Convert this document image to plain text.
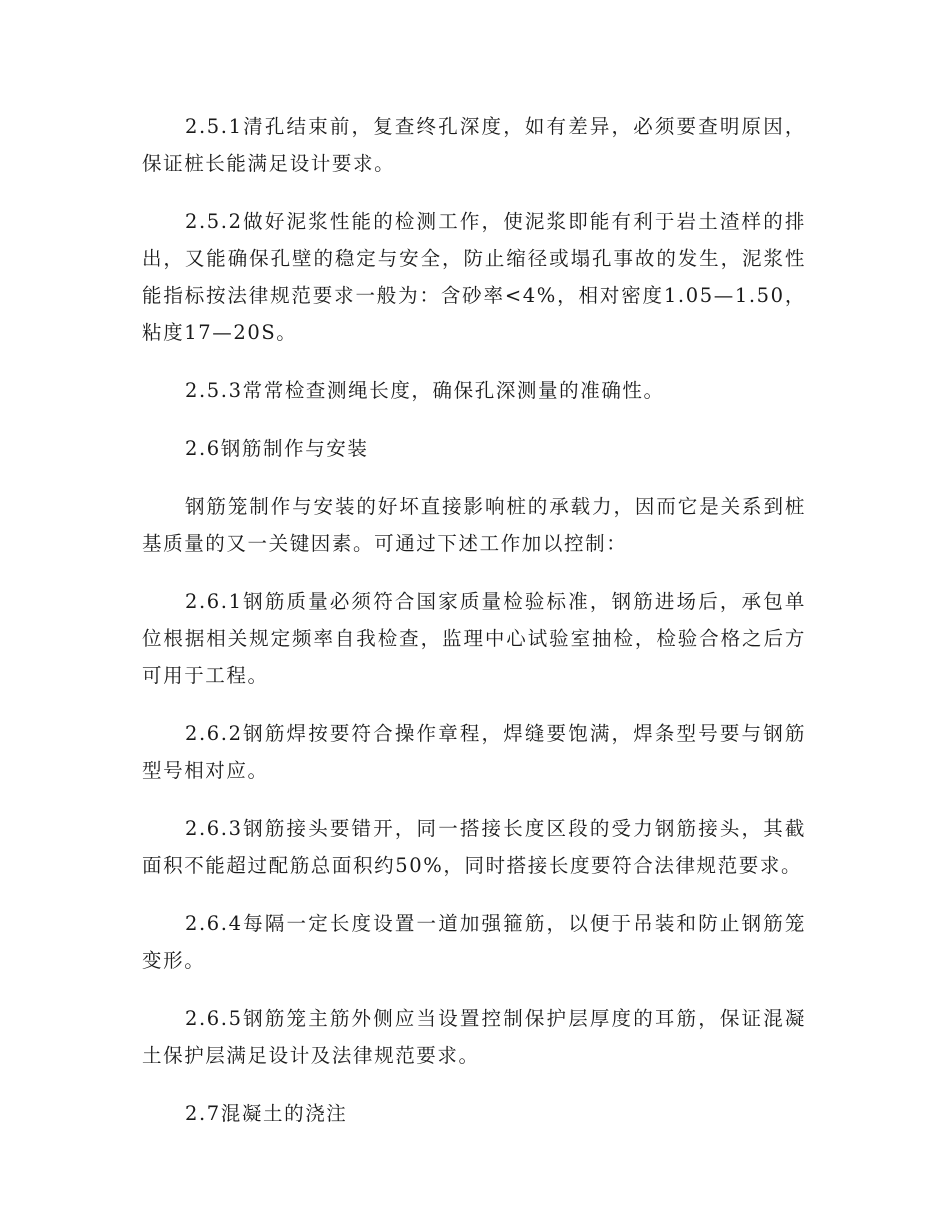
2.5.1清孔结束前，复查终孔深度，如有差异，必须要查明原因，保证桩长能满足设计要求。

2.5.2做好泥浆性能的检测工作，使泥浆即能有利于岩土渣样的排出，又能确保孔壁的稳定与安全，防止缩径或塌孔事故的发生，泥浆性能指标按法律规范要求一般为：含砂率<4%，相对密度1.05—1.50，粘度17—20S。

2.5.3常常检查测绳长度，确保孔深测量的准确性。

2.6钢筋制作与安装

钢筋笼制作与安装的好坏直接影响桩的承载力，因而它是关系到桩基质量的又一关键因素。可通过下述工作加以控制：

2.6.1钢筋质量必须符合国家质量检验标准，钢筋进场后，承包单位根据相关规定频率自我检查，监理中心试验室抽检，检验合格之后方可用于工程。

2.6.2钢筋焊按要符合操作章程，焊缝要饱满，焊条型号要与钢筋型号相对应。

2.6.3钢筋接头要错开，同一搭接长度区段的受力钢筋接头，其截面积不能超过配筋总面积约50%，同时搭接长度要符合法律规范要求。

2.6.4每隔一定长度设置一道加强箍筋，以便于吊装和防止钢筋笼变形。

2.6.5钢筋笼主筋外侧应当设置控制保护层厚度的耳筋，保证混凝土保护层满足设计及法律规范要求。

2.7混凝土的浇注
